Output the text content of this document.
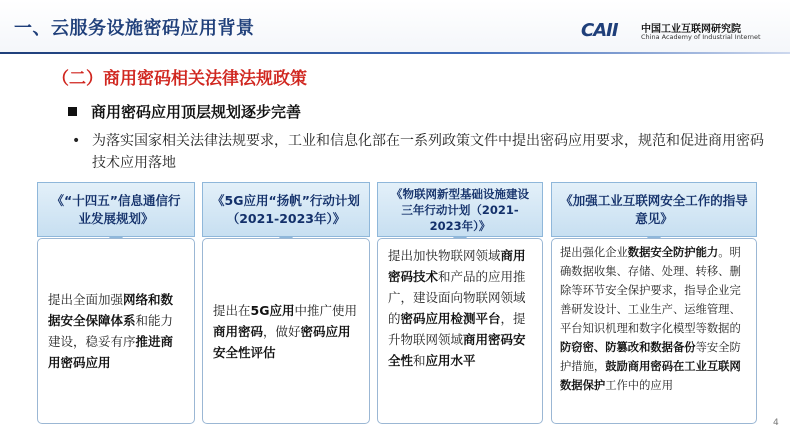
一、云服务设施密码应用背景	CAII 中国工业互联网研究院
China Academy of Industrial Internet
（二）商用密码相关法律法规政策
商用密码应用顶层规划逐步完善
• 为落实国家相关法律法规要求，工业和信息化部在一系列政策文件中提出密码应用要求，规范和促进商用密码技术应用落地
《“十四五”信息通信行业发展规划》
提出全面加强网络和数据安全保障体系和能力建设，稳妥有序推进商用密码应用
《5G应用“扬帆”行动计划（2021-2023年）》
提出在5G应用中推广使用商用密码，做好密码应用安全性评估
《物联网新型基础设施建设三年行动计划（2021-2023年）》
提出加快物联网领域商用密码技术和产品的应用推广，建设面向物联网领域的密码应用检测平台，提升物联网领域商用密码安全性和应用水平
《加强工业互联网安全工作的指导意见》
提出强化企业数据安全防护能力。明确数据收集、存储、处理、转移、删除等环节安全保护要求，指导企业完善研发设计、工业生产、运维管理、平台知识机理和数字化模型等数据的防窃密、防篡改和数据备份等安全防护措施，鼓励商用密码在工业互联网数据保护工作中的应用
4
